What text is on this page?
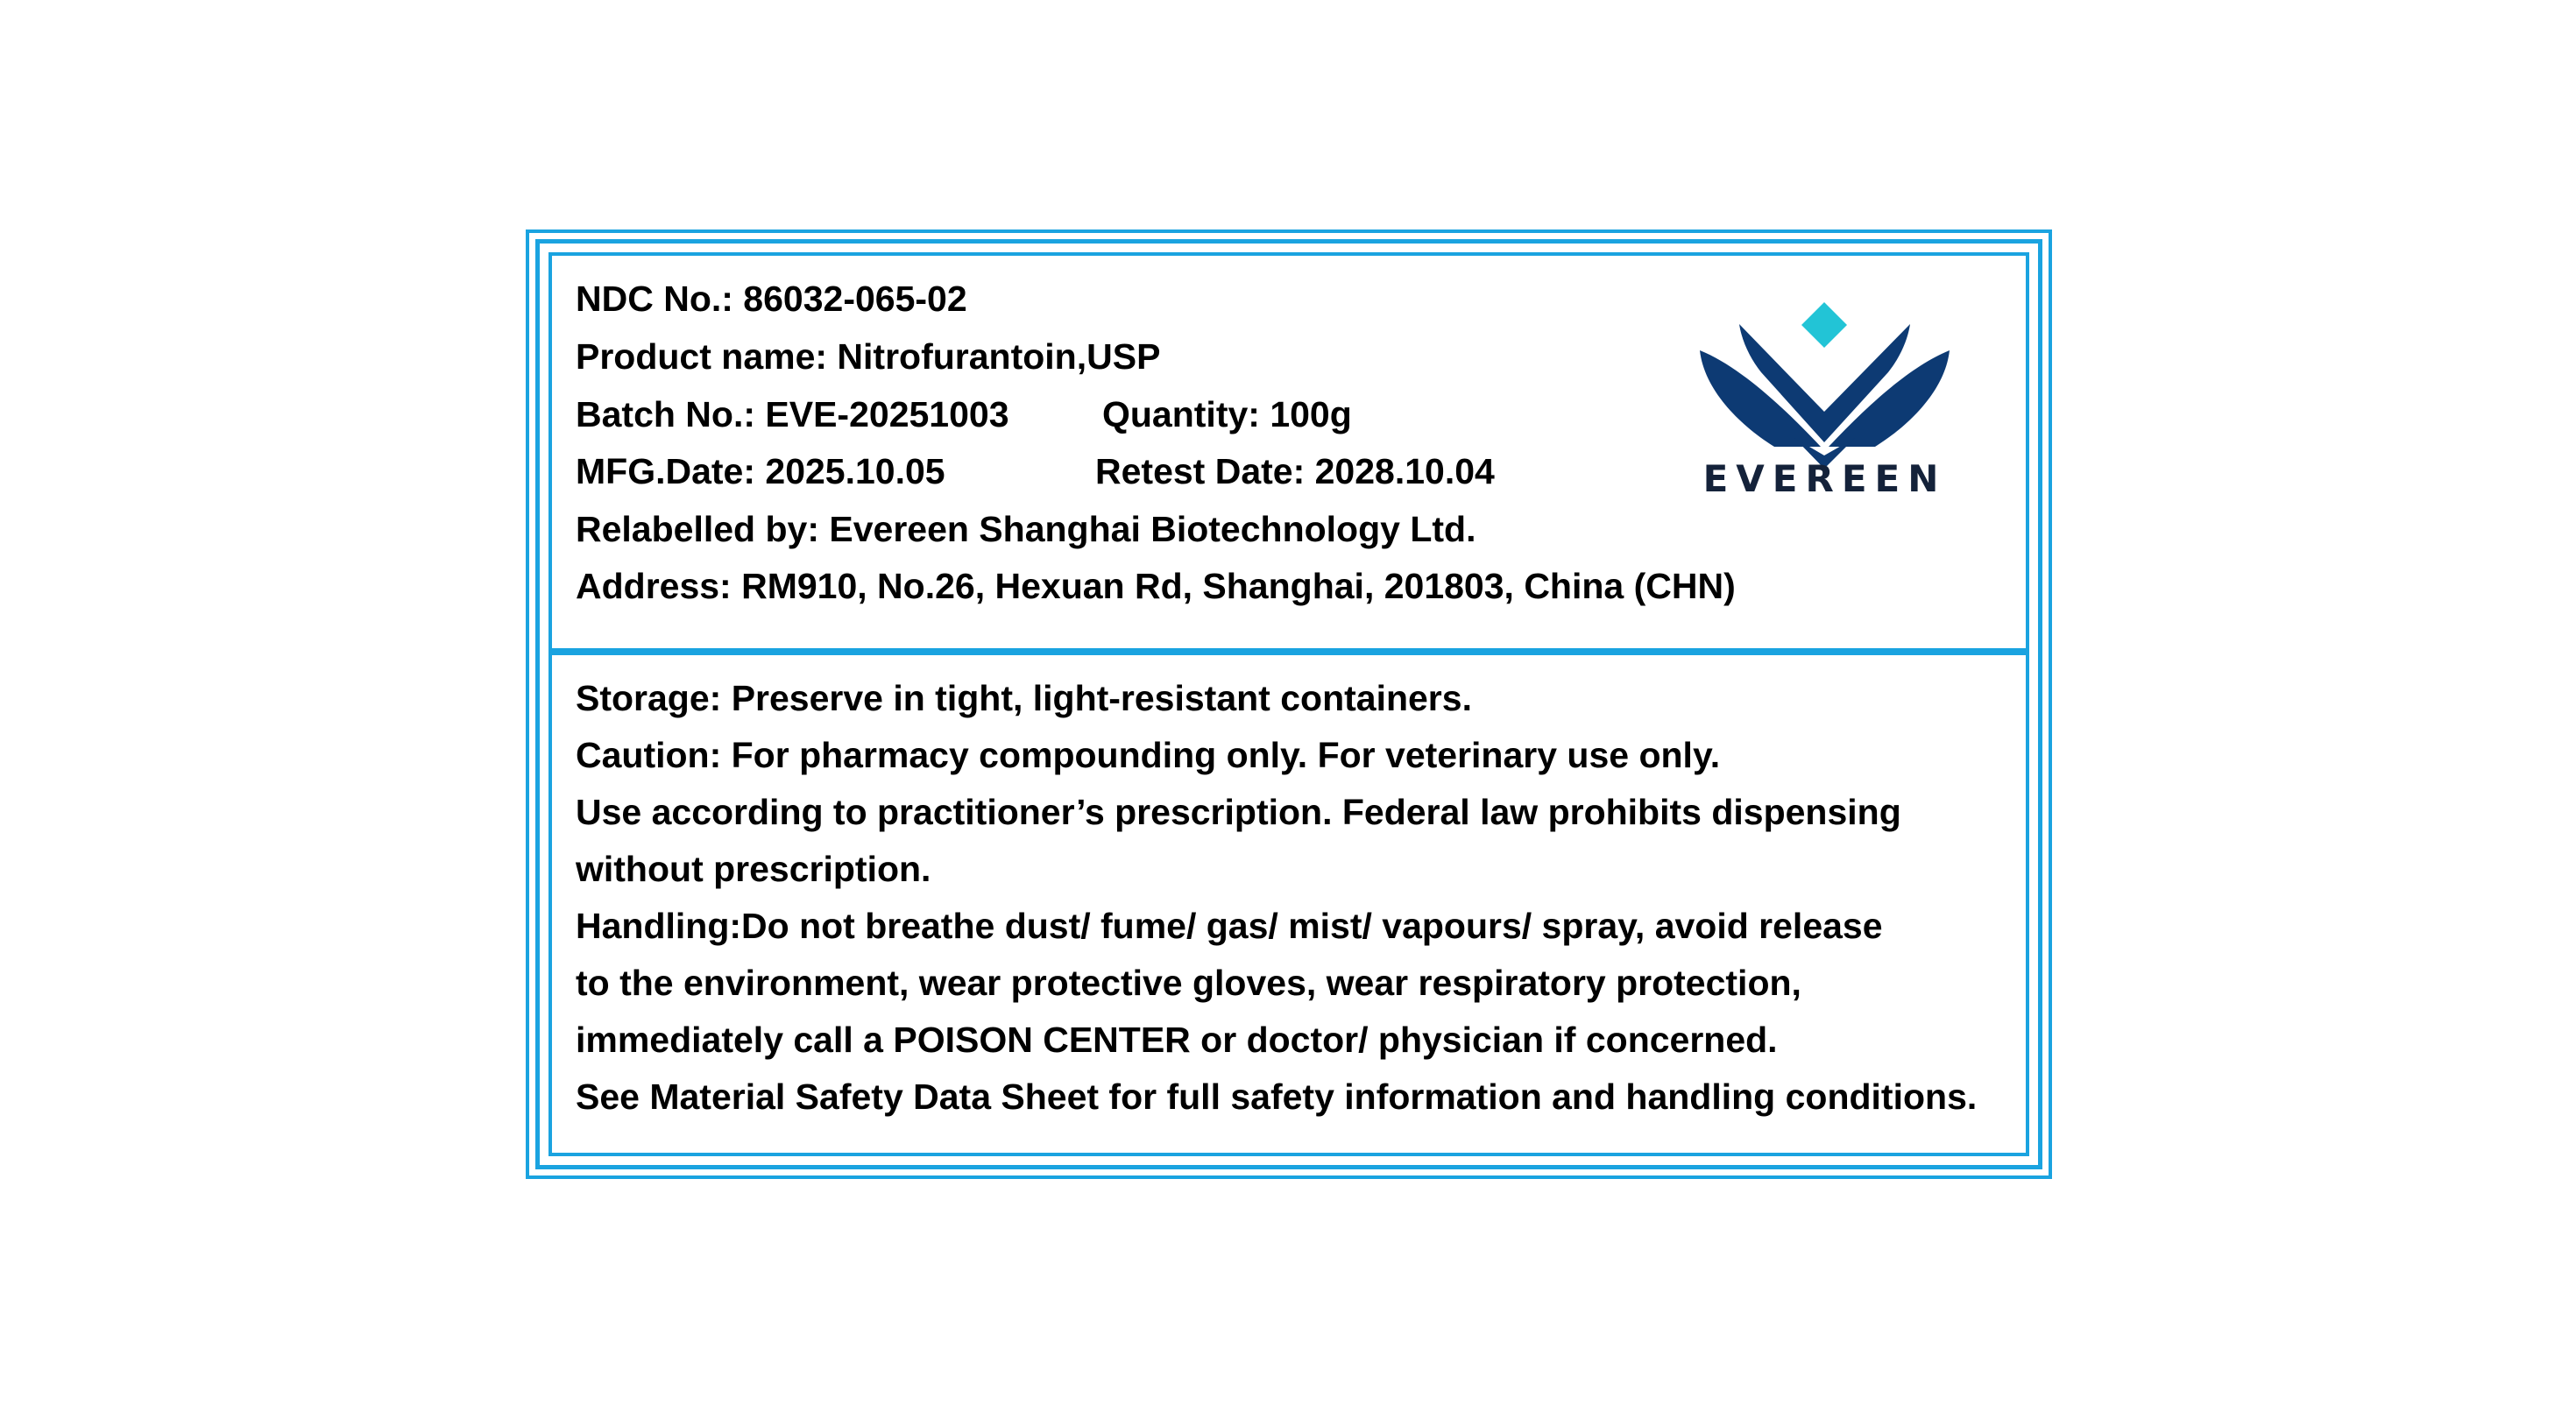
NDC No.: 86032-065-02
Product name: Nitrofurantoin,USP
Batch No.: EVE-20251003	Quantity: 100g
MFG.Date: 2025.10.05	Retest Date: 2028.10.04
Relabelled by: Evereen Shanghai Biotechnology Ltd.
Address: RM910, No.26, Hexuan Rd, Shanghai, 201803, China (CHN)
EVEREEN
Storage: Preserve in tight, light-resistant containers.
Caution: For pharmacy compounding only. For veterinary use only.
Use according to practitioner’s prescription. Federal law prohibits dispensing
without prescription.
Handling:Do not breathe dust/ fume/ gas/ mist/ vapours/ spray, avoid release
to the environment, wear protective gloves, wear respiratory protection,
immediately call a POISON CENTER or doctor/ physician if concerned.
See Material Safety Data Sheet for full safety information and handling conditions.
